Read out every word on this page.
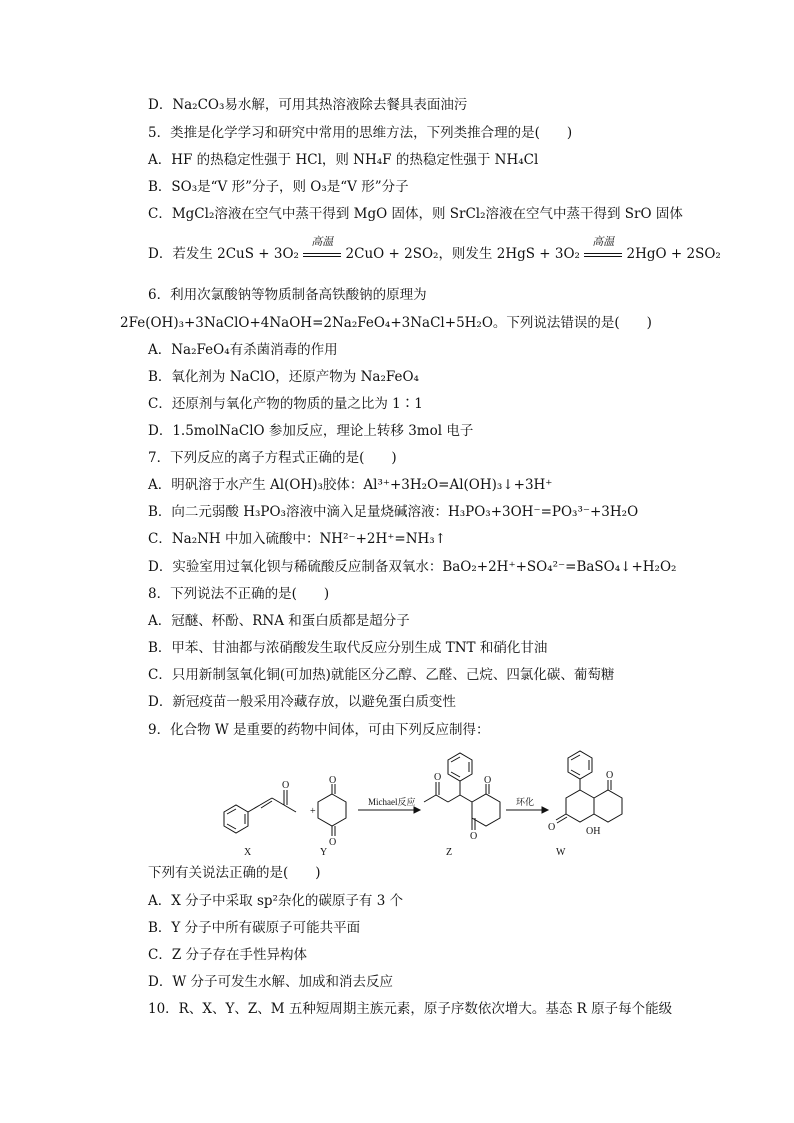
D．Na₂CO₃易水解，可用其热溶液除去餐具表面油污
5．类推是化学学习和研究中常用的思维方法，下列类推合理的是(　　)
A．HF 的热稳定性强于 HCl，则 NH₄F 的热稳定性强于 NH₄Cl
B．SO₃是“V 形”分子，则 O₃是“V 形”分子
C．MgCl₂溶液在空气中蒸干得到 MgO 固体，则 SrCl₂溶液在空气中蒸干得到 SrO 固体
D．若发生 2CuS + 3O₂
高温
2CuO + 2SO₂，则发生 2HgS + 3O₂
高温
2HgO + 2SO₂
6．利用次氯酸钠等物质制备高铁酸钠的原理为
2Fe(OH)₃+3NaClO+4NaOH=2Na₂FeO₄+3NaCl+5H₂O。下列说法错误的是(　　)
A．Na₂FeO₄有杀菌消毒的作用
B．氧化剂为 NaClO，还原产物为 Na₂FeO₄
C．还原剂与氧化产物的物质的量之比为 1∶1
D．1.5molNaClO 参加反应，理论上转移 3mol 电子
7．下列反应的离子方程式正确的是(　　)
A．明矾溶于水产生 Al(OH)₃胶体：Al³⁺+3H₂O=Al(OH)₃↓+3H⁺
B．向二元弱酸 H₃PO₃溶液中滴入足量烧碱溶液：H₃PO₃+3OH⁻=PO₃³⁻+3H₂O
C．Na₂NH 中加入硫酸中：NH²⁻+2H⁺=NH₃↑
D．实验室用过氧化钡与稀硫酸反应制备双氧水：BaO₂+2H⁺+SO₄²⁻=BaSO₄↓+H₂O₂
8．下列说法不正确的是(　　)
A．冠醚、杯酚、RNA 和蛋白质都是超分子
B．甲苯、甘油都与浓硝酸发生取代反应分别生成 TNT 和硝化甘油
C．只用新制氢氧化铜(可加热)就能区分乙醇、乙醛、己烷、四氯化碳、葡萄糖
D．新冠疫苗一般采用冷藏存放，以避免蛋白质变性
9．化合物 W 是重要的药物中间体，可由下列反应制得：
+
O	O
O
O	O
O
O
O	OH
Michael反应	环化
X	Y	Z	W
下列有关说法正确的是(　　)
A．X 分子中采取 sp²杂化的碳原子有 3 个
B．Y 分子中所有碳原子可能共平面
C．Z 分子存在手性异构体
D．W 分子可发生水解、加成和消去反应
10．R、X、Y、Z、M 五种短周期主族元素，原子序数依次增大。基态 R 原子每个能级
